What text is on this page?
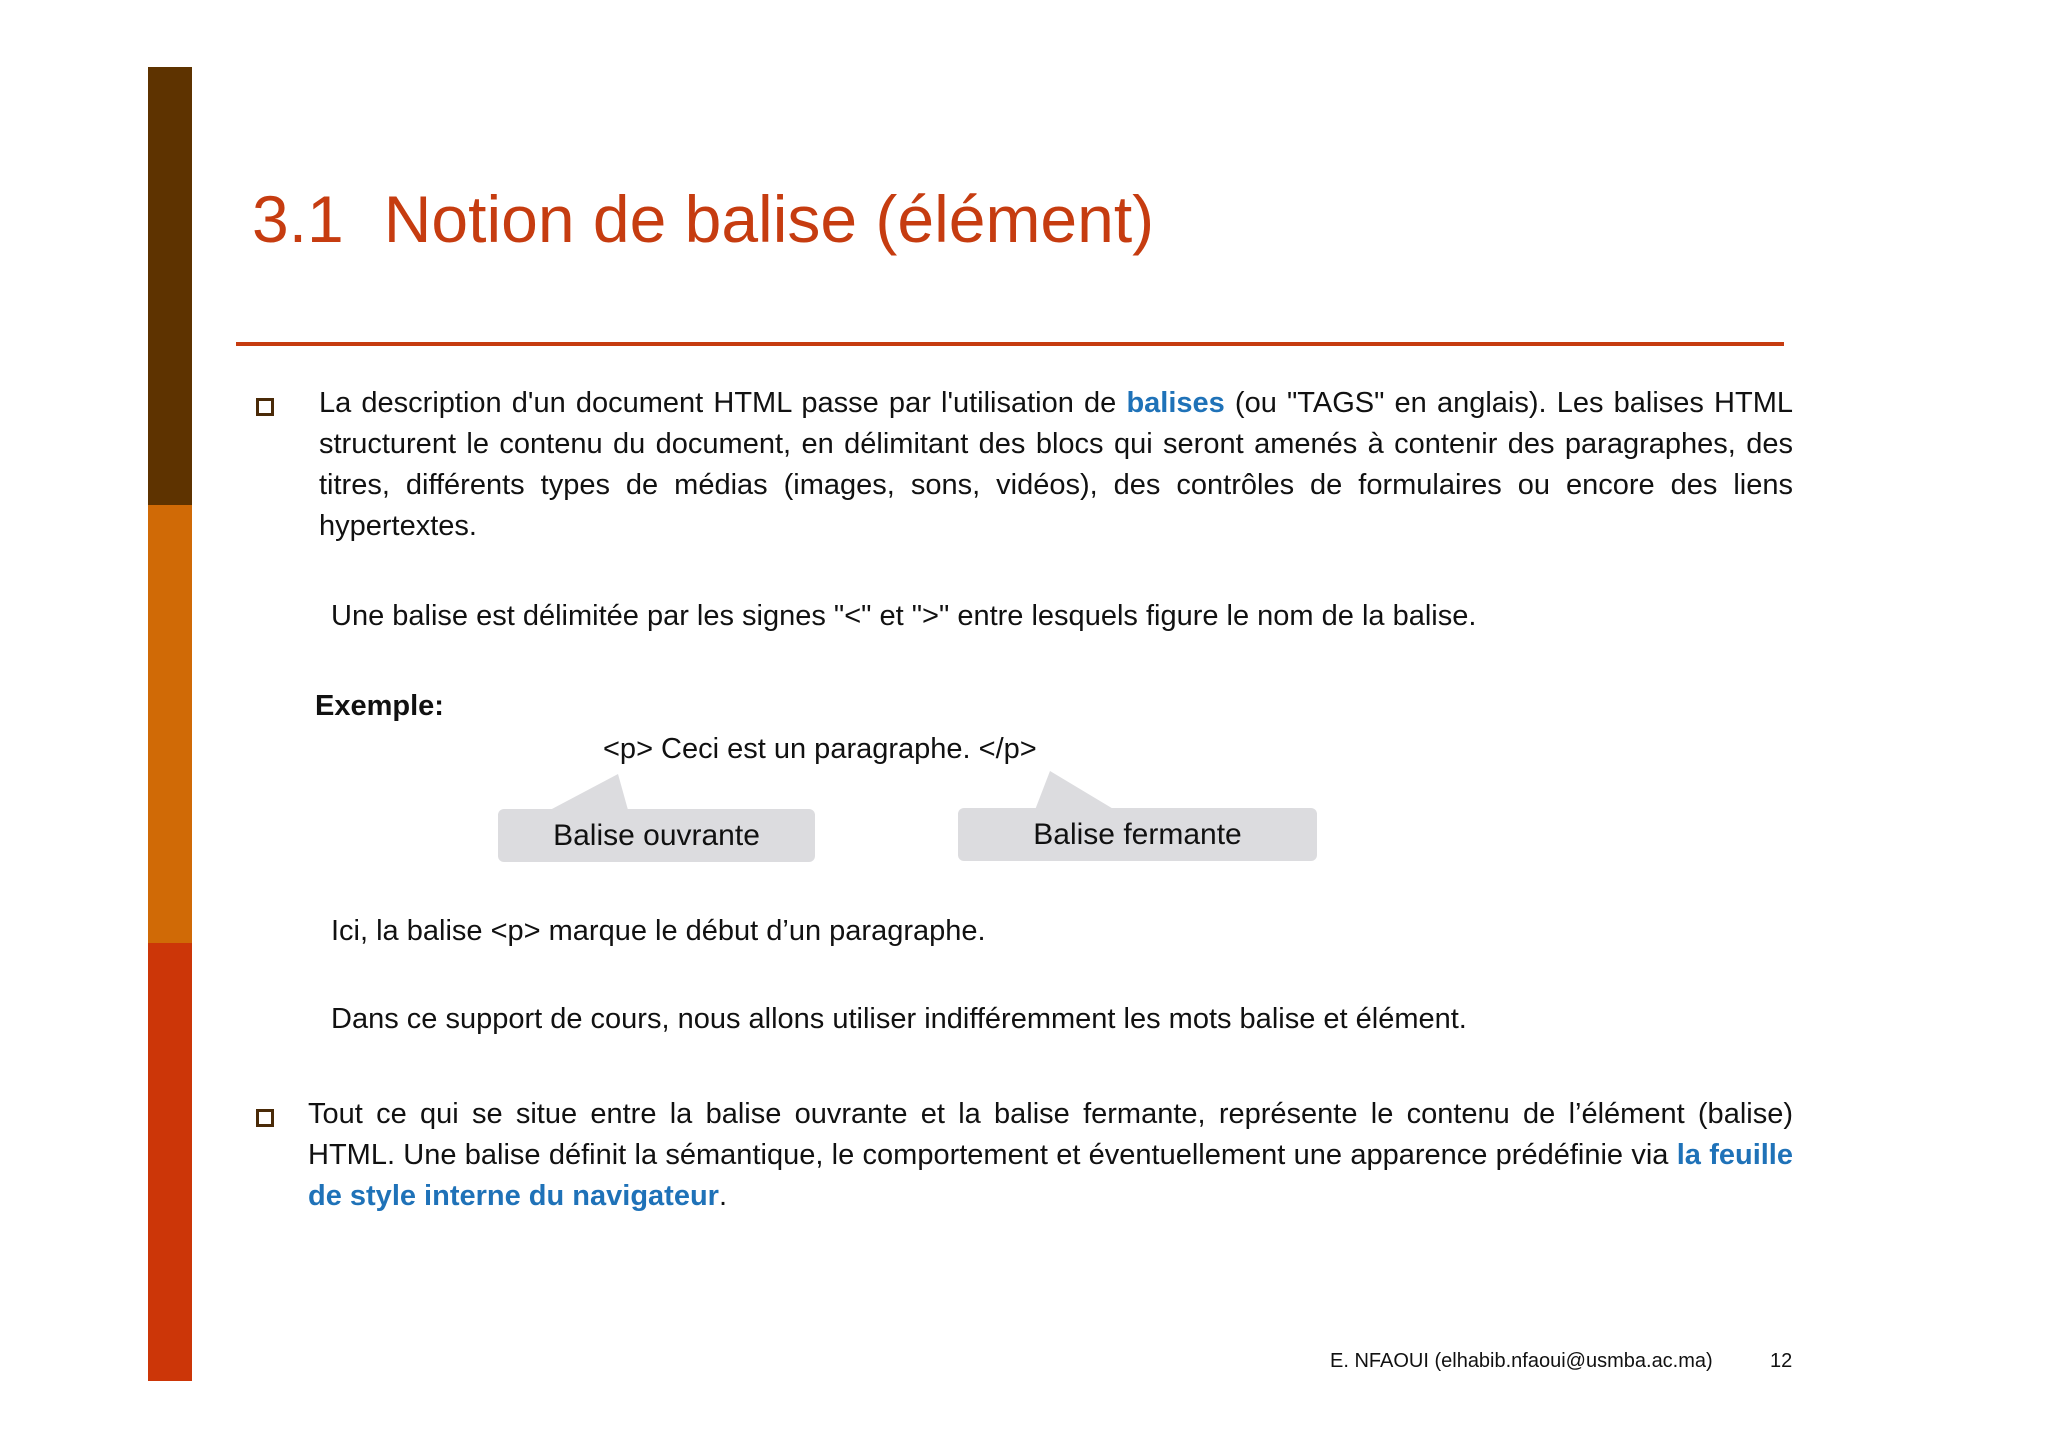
3.1 Notion de balise (élément)
La description d'un document HTML passe par l'utilisation de balises (ou "TAGS" en anglais). Les balises HTML structurent le contenu du document, en délimitant des blocs qui seront amenés à contenir des paragraphes, des titres, différents types de médias (images, sons, vidéos), des contrôles de formulaires ou encore des liens hypertextes.
Une balise est délimitée par les signes "<" et ">" entre lesquels figure le nom de la balise.
Exemple:
<p> Ceci est un paragraphe. </p>
Balise ouvrante	Balise fermante
Ici, la balise <p> marque le début d’un paragraphe.
Dans ce support de cours, nous allons utiliser indifféremment les mots balise et élément.
Tout ce qui se situe entre la balise ouvrante et la balise fermante, représente le contenu de l’élément (balise) HTML. Une balise définit la sémantique, le comportement et éventuellement une apparence prédéfinie via la feuille de style interne du navigateur.
E. NFAOUI (elhabib.nfaoui@usmba.ac.ma)	12
